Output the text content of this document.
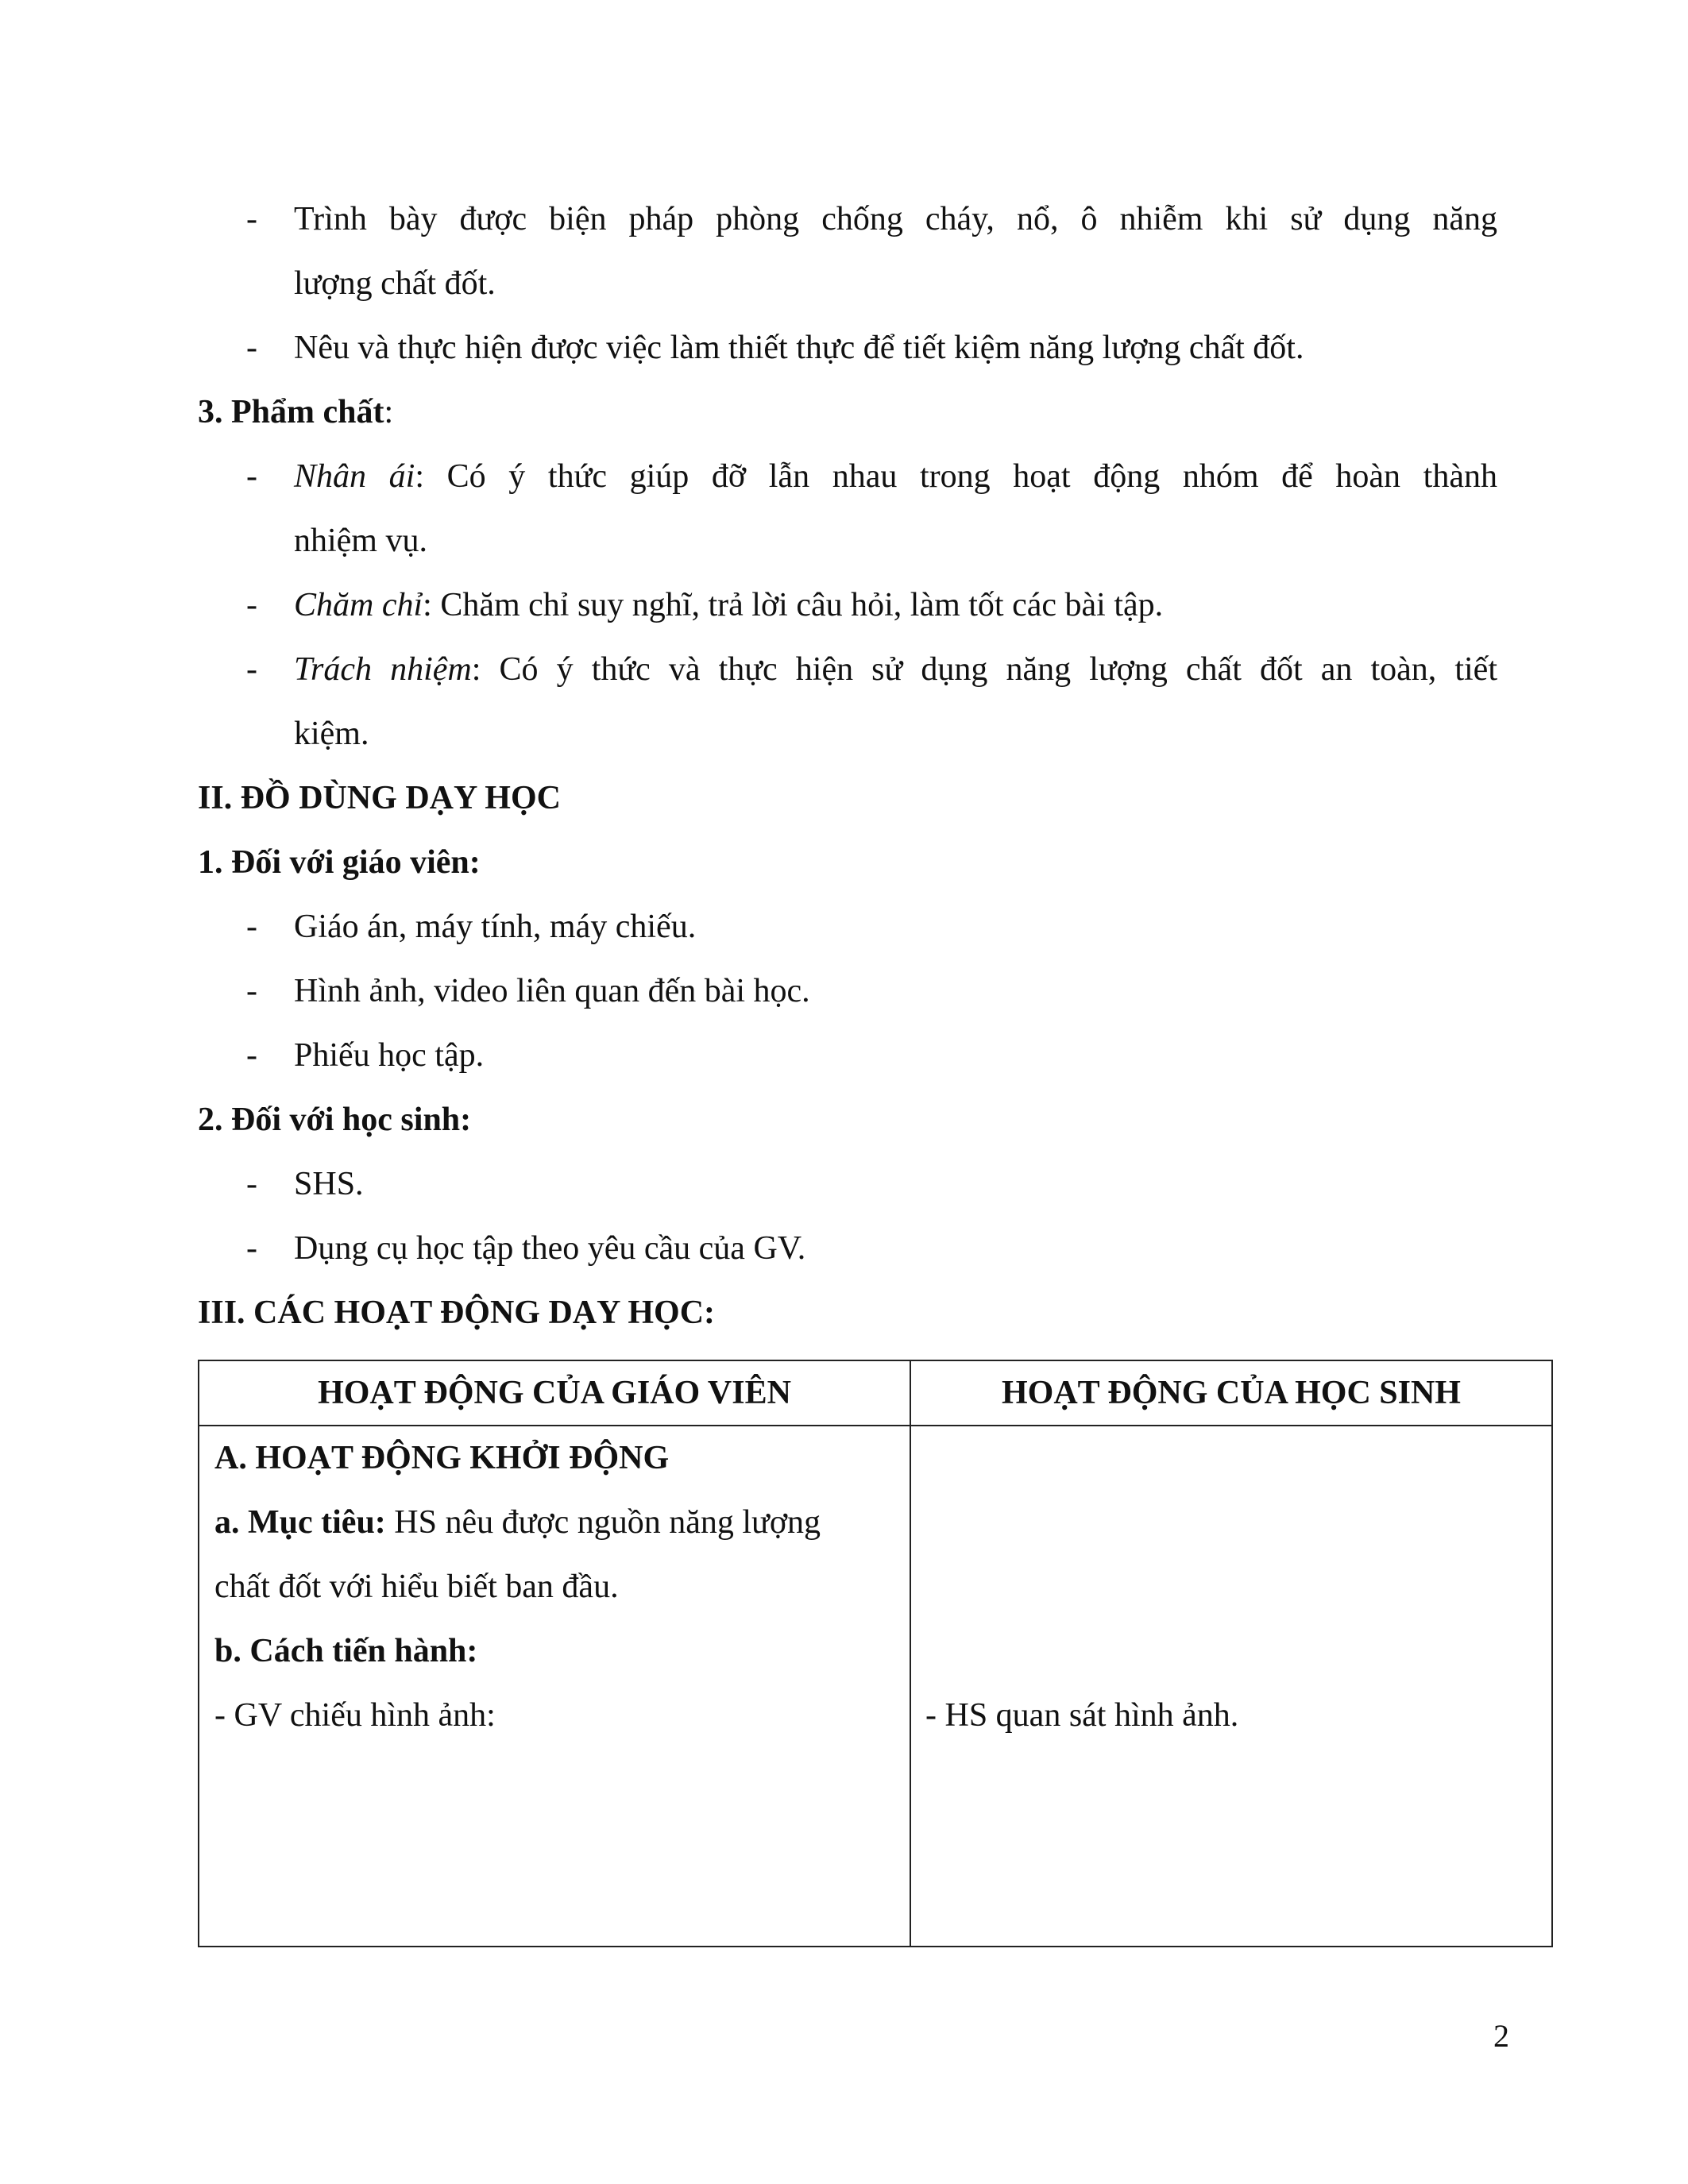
- Trình bày được biện pháp phòng chống cháy, nổ, ô nhiễm khi sử dụng năng
lượng chất đốt.
- Nêu và thực hiện được việc làm thiết thực để tiết kiệm năng lượng chất đốt.
3. Phẩm chất:
- Nhân ái: Có ý thức giúp đỡ lẫn nhau trong hoạt động nhóm để hoàn thành
nhiệm vụ.
- Chăm chỉ: Chăm chỉ suy nghĩ, trả lời câu hỏi, làm tốt các bài tập.
- Trách nhiệm: Có ý thức và thực hiện sử dụng năng lượng chất đốt an toàn, tiết
kiệm.
II. ĐỒ DÙNG DẠY HỌC
1. Đối với giáo viên:
- Giáo án, máy tính, máy chiếu.
- Hình ảnh, video liên quan đến bài học.
- Phiếu học tập.
2. Đối với học sinh:
- SHS.
- Dụng cụ học tập theo yêu cầu của GV.
III. CÁC HOẠT ĐỘNG DẠY HỌC:
HOẠT ĐỘNG CỦA GIÁO VIÊN	HOẠT ĐỘNG CỦA HỌC SINH

A. HOẠT ĐỘNG KHỞI ĐỘNG
a. Mục tiêu: HS nêu được nguồn năng lượng
chất đốt với hiểu biết ban đầu.
b. Cách tiến hành:
- GV chiếu hình ảnh:	- HS quan sát hình ảnh.
2
